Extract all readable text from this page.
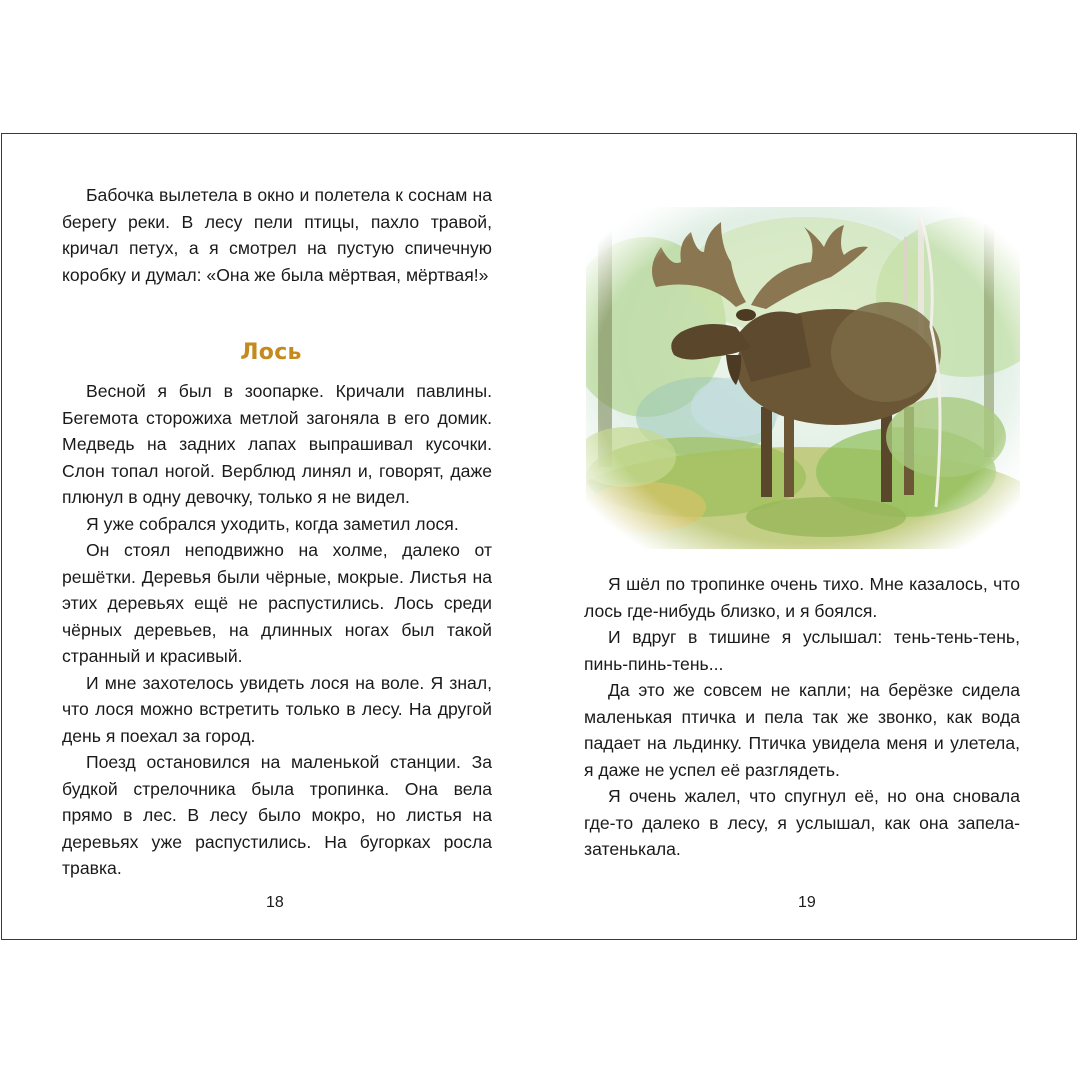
Бабочка вылетела в окно и полетела к соснам на берегу реки. В лесу пели птицы, пахло травой, кричал петух, а я смотрел на пустую спичечную коробку и думал: «Она же была мёртвая, мёртвая!»

Лось

Весной я был в зоопарке. Кричали павлины. Бегемота сторожиха метлой загоняла в его домик. Медведь на задних лапах выпрашивал кусочки. Слон топал ногой. Верблюд линял и, говорят, даже плюнул в одну девочку, только я не видел.

Я уже собрался уходить, когда заметил лося.

Он стоял неподвижно на холме, далеко от решётки. Деревья были чёрные, мокрые. Листья на этих деревьях ещё не распустились. Лось среди чёрных деревьев, на длинных ногах был такой странный и красивый.

И мне захотелось увидеть лося на воле. Я знал, что лося можно встретить только в лесу. На другой день я поехал за город.

Поезд остановился на маленькой станции. За будкой стрелочника была тропинка. Она вела прямо в лес. В лесу было мокро, но листья на деревьях уже распустились. На бугорках росла травка.

18

Я шёл по тропинке очень тихо. Мне казалось, что лось где-нибудь близко, и я боялся.

И вдруг в тишине я услышал: тень-тень-тень, пинь-пинь-тень...

Да это же совсем не капли; на берёзке сидела маленькая птичка и пела так же звонко, как вода падает на льдинку. Птичка увидела меня и улетела, я даже не успел её разглядеть.

Я очень жалел, что спугнул её, но она сновала где-то далеко в лесу, я услышал, как она запела-затенькала.

19
